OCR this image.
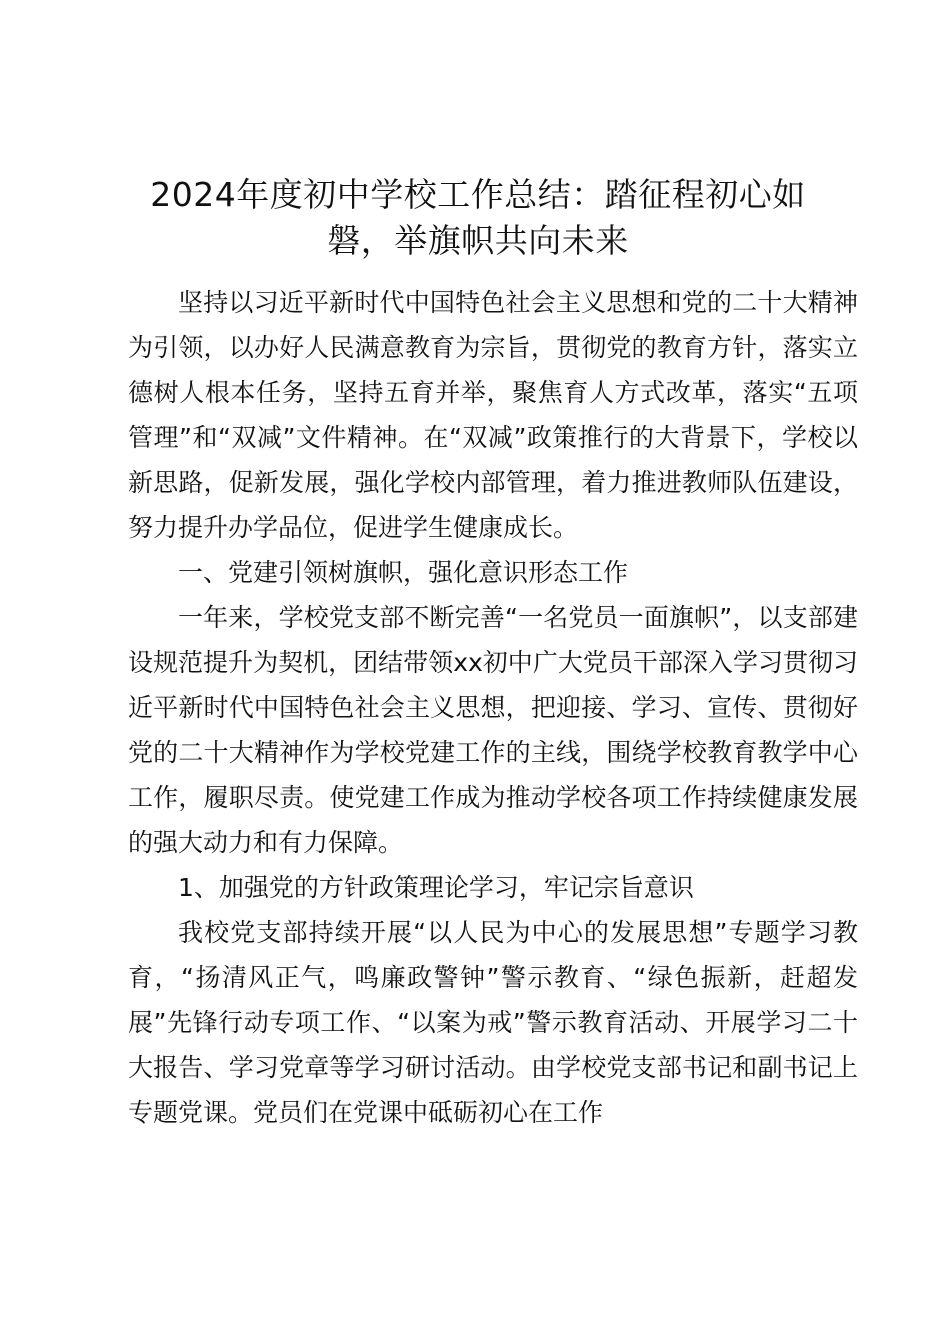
2024年度初中学校工作总结：踏征程初心如磐，举旗帜共向未来

坚持以习近平新时代中国特色社会主义思想和党的二十大精神为引领，以办好人民满意教育为宗旨，贯彻党的教育方针，落实立德树人根本任务，坚持五育并举，聚焦育人方式改革，落实“五项管理”和“双减”文件精神。在“双减”政策推行的大背景下，学校以新思路，促新发展，强化学校内部管理，着力推进教师队伍建设，努力提升办学品位，促进学生健康成长。

一、党建引领树旗帜，强化意识形态工作

一年来，学校党支部不断完善“一名党员一面旗帜”，以支部建设规范提升为契机，团结带领xx初中广大党员干部深入学习贯彻习近平新时代中国特色社会主义思想，把迎接、学习、宣传、贯彻好党的二十大精神作为学校党建工作的主线，围绕学校教育教学中心工作，履职尽责。使党建工作成为推动学校各项工作持续健康发展的强大动力和有力保障。

1、加强党的方针政策理论学习，牢记宗旨意识

我校党支部持续开展“以人民为中心的发展思想”专题学习教育，“扬清风正气，鸣廉政警钟”警示教育、“绿色振新，赶超发展”先锋行动专项工作、“以案为戒”警示教育活动、开展学习二十大报告、学习党章等学习研讨活动。由学校党支部书记和副书记上专题党课。党员们在党课中砥砺初心在工作
